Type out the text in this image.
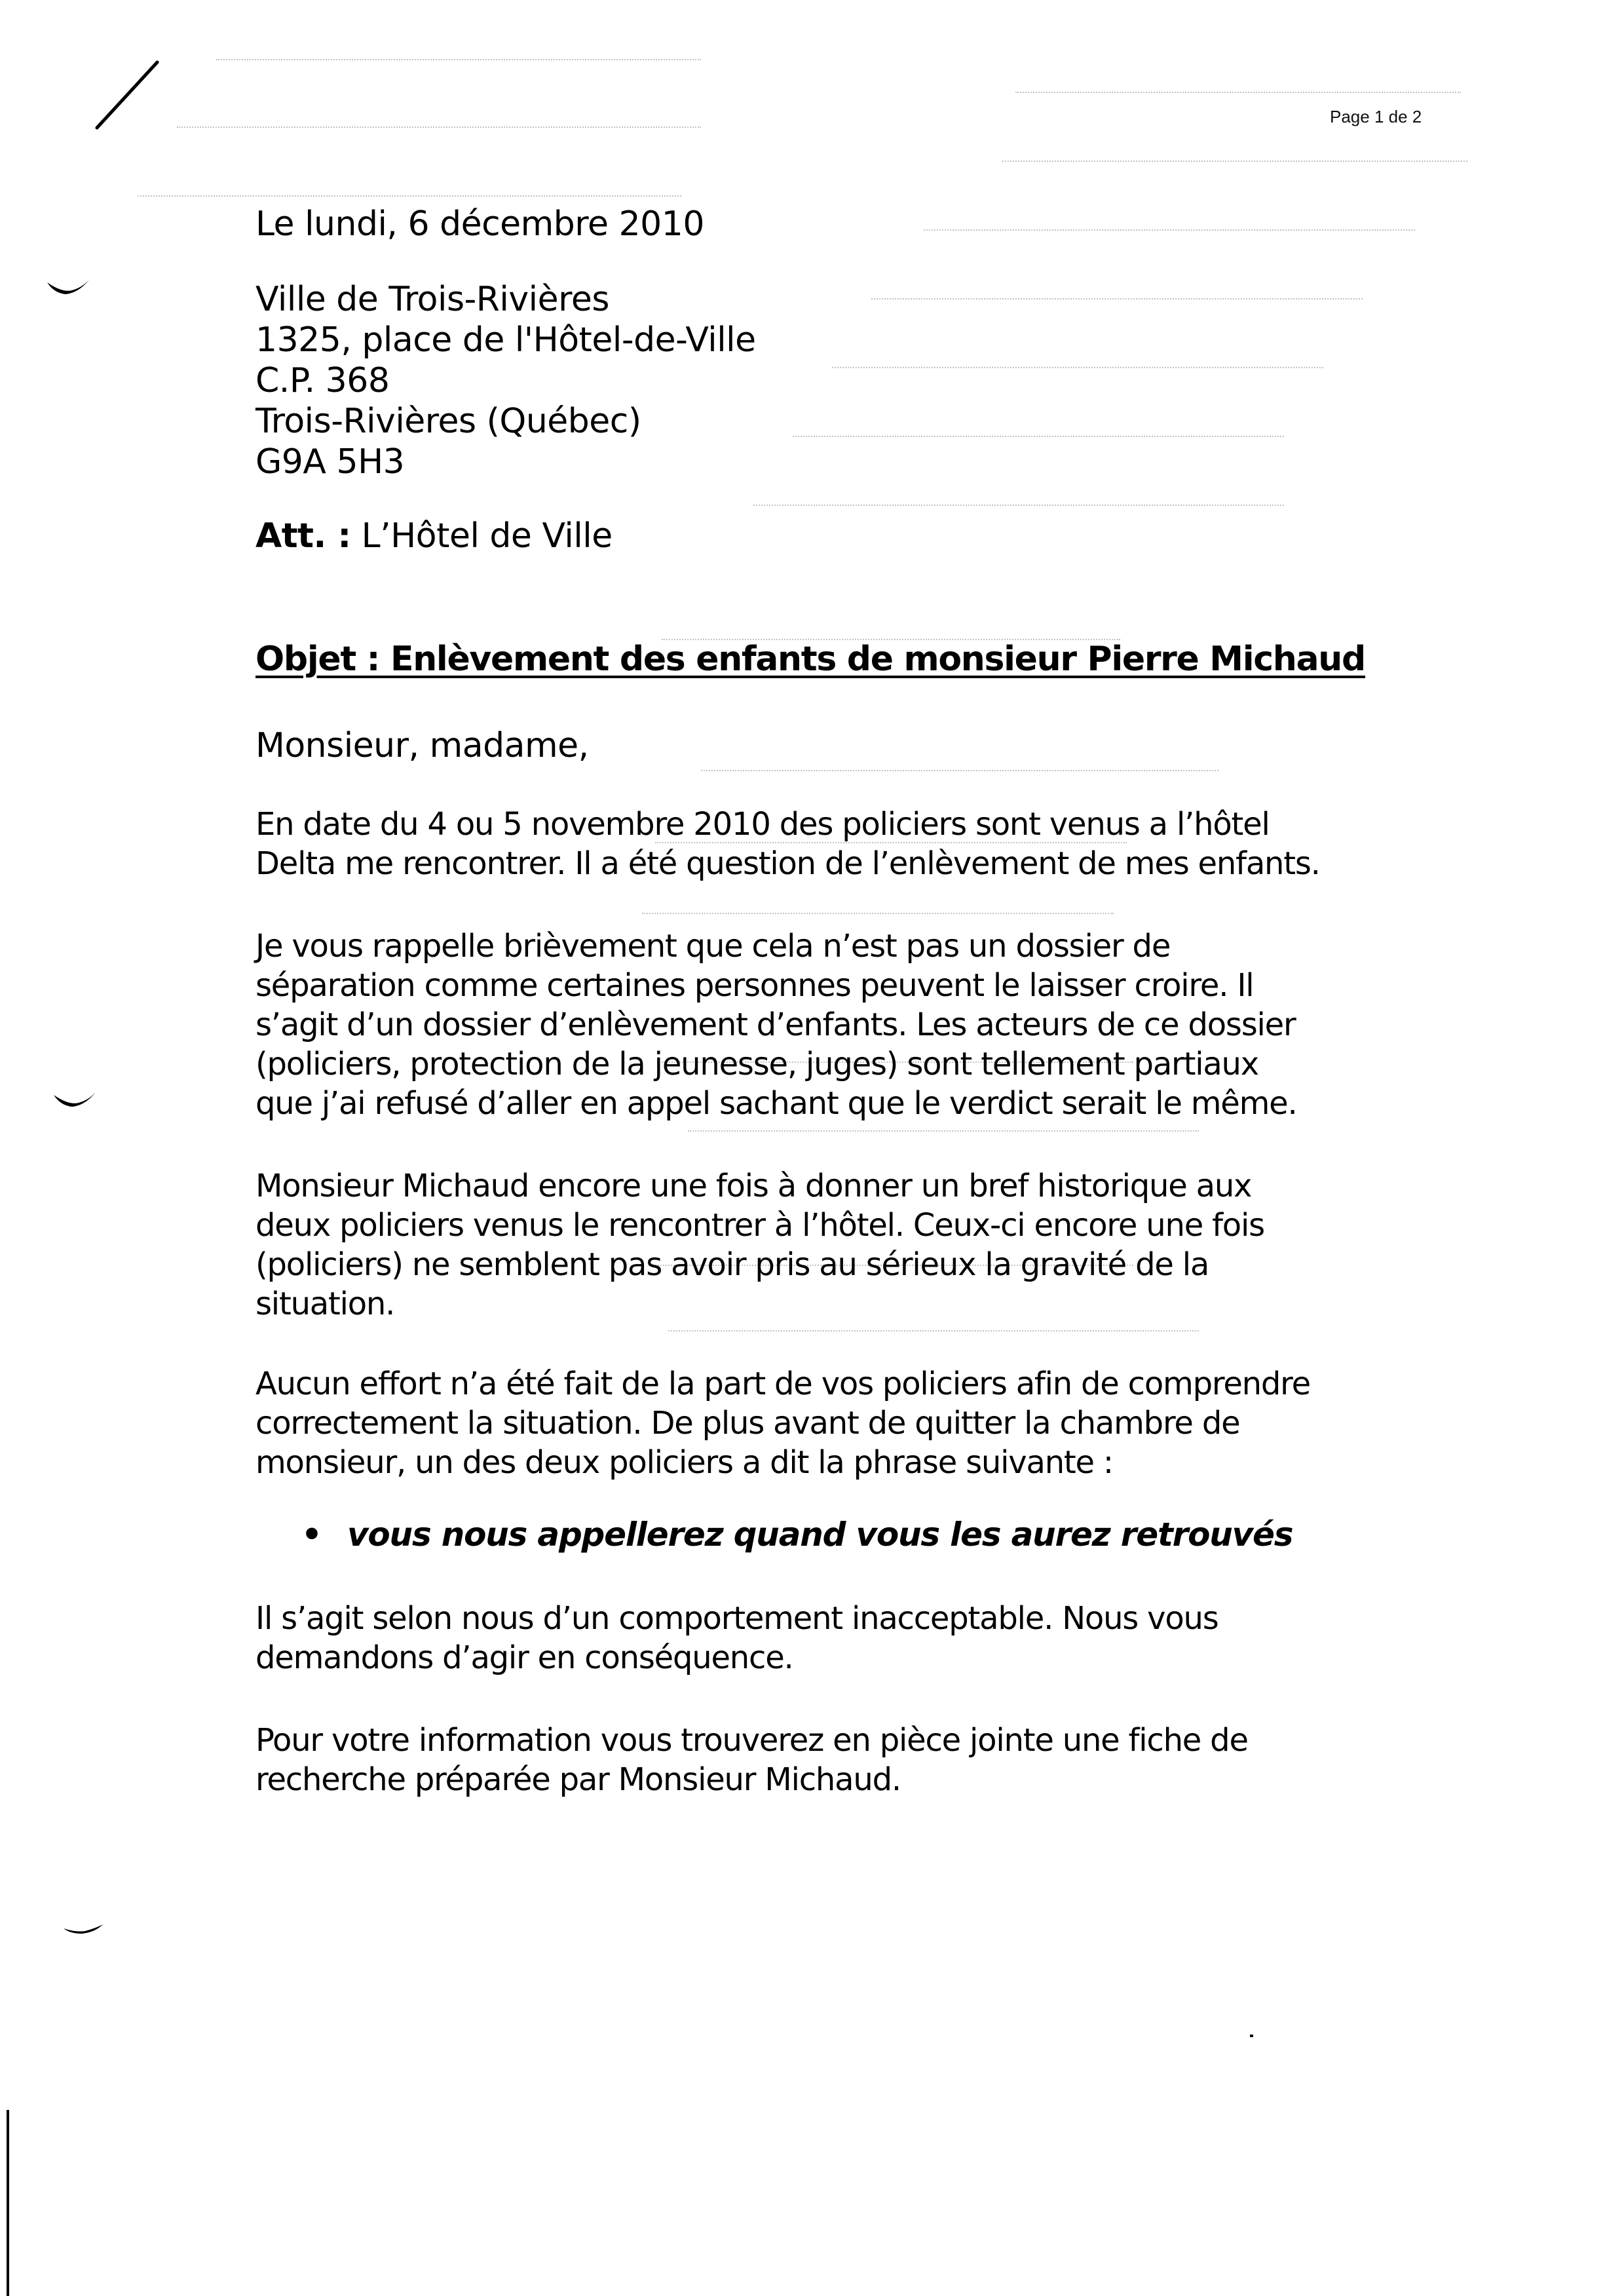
Page 1 de 2

Le lundi, 6 décembre 2010

Ville de Trois-Rivières
1325, place de l'Hôtel-de-Ville
C.P. 368
Trois-Rivières (Québec)
G9A 5H3

Att. : L’Hôtel de Ville

Objet : Enlèvement des enfants de monsieur Pierre Michaud

Monsieur, madame,

En date du 4 ou 5 novembre 2010 des policiers sont venus a l’hôtel
Delta me rencontrer. Il a été question de l’enlèvement de mes enfants.
Je vous rappelle brièvement que cela n’est pas un dossier de
séparation comme certaines personnes peuvent le laisser croire. Il
s’agit d’un dossier d’enlèvement d’enfants. Les acteurs de ce dossier
(policiers, protection de la jeunesse, juges) sont tellement partiaux
que j’ai refusé d’aller en appel sachant que le verdict serait le même.
Monsieur Michaud encore une fois à donner un bref historique aux
deux policiers venus le rencontrer à l’hôtel. Ceux-ci encore une fois
(policiers) ne semblent pas avoir pris au sérieux la gravité de la
situation.
Aucun effort n’a été fait de la part de vos policiers afin de comprendre
correctement la situation. De plus avant de quitter la chambre de
monsieur, un des deux policiers a dit la phrase suivante :

• vous nous appellerez quand vous les aurez retrouvés

Il s’agit selon nous d’un comportement inacceptable. Nous vous
demandons d’agir en conséquence.
Pour votre information vous trouverez en pièce jointe une fiche de
recherche préparée par Monsieur Michaud.
